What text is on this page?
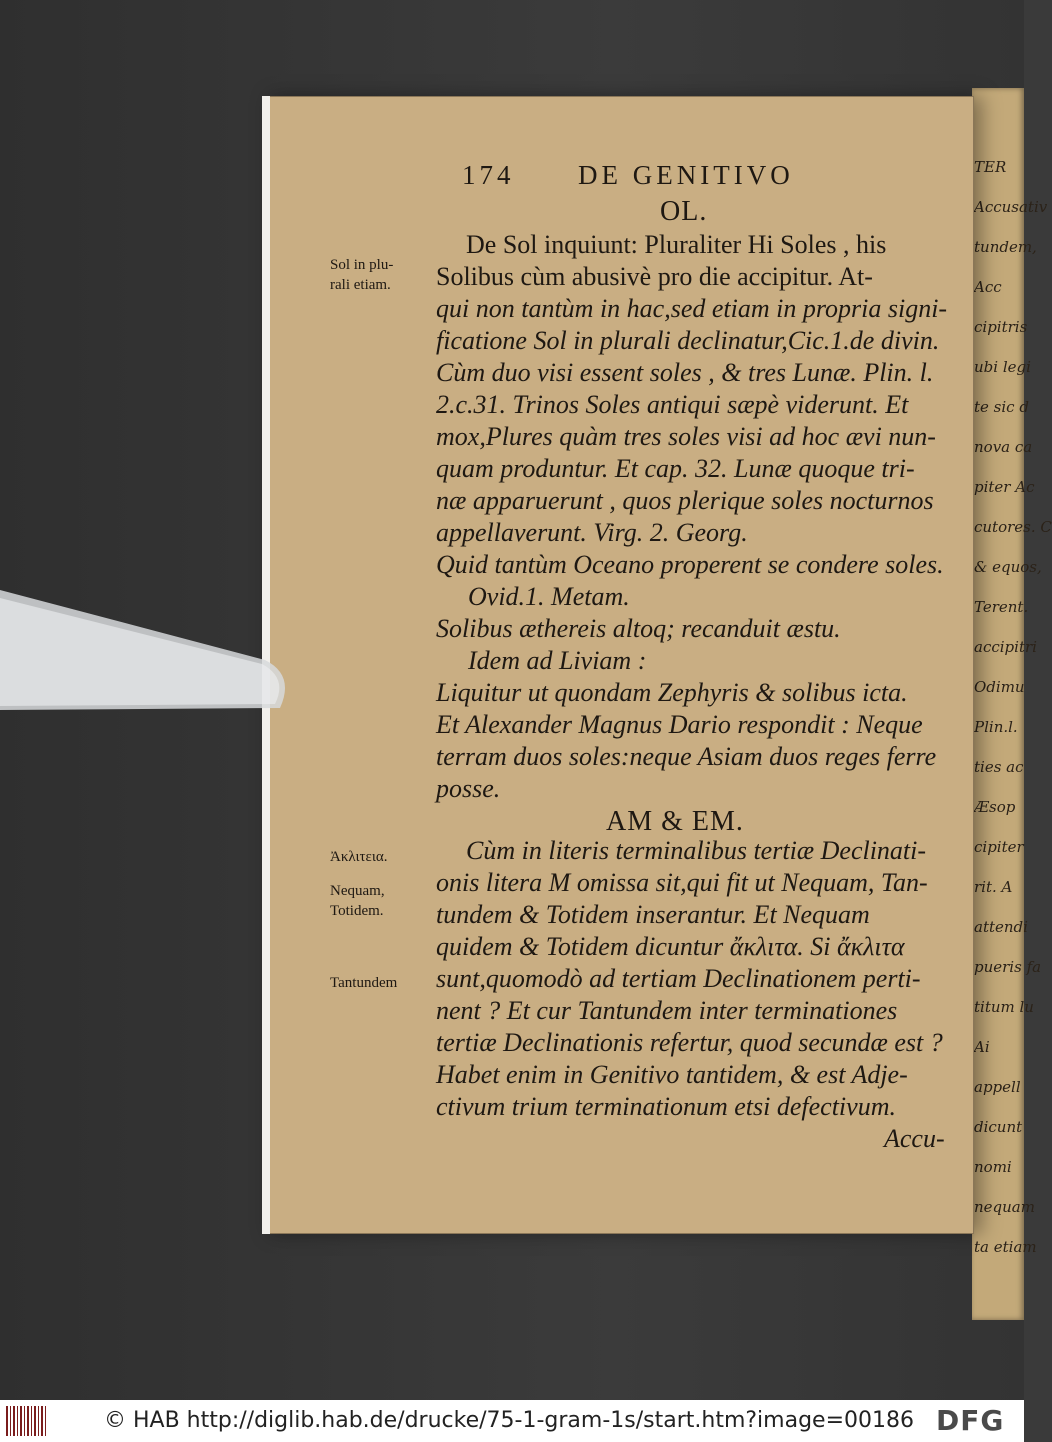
TER
Accusativ
tundem,
Acc
cipitris
ubi legi
te sic d
nova ca
piter Ac
cutores. C
& equos,
Terent.
accipitri
Odimu
Plin.l.
ties ac
Æsop
cipiter
rit. A
attendi
pueris fa
titum lu
Ai
appell
dicunt
nomi
nequam
ta etiam
174 DE GENITIVO
OL.
AM & EM.
Sol in plu-
rali etiam.
Ἀκλιτεια.
Nequam,
Totidem.
Tantundem
De Sol inquiunt: Pluraliter Hi Soles , his
Solibus cùm abusivè pro die accipitur. At-
qui non tantùm in hac,sed etiam in propria signi-
ficatione Sol in plurali declinatur,Cic.1.de divin.
Cùm duo visi essent soles , & tres Lunæ. Plin. l.
2.c.31. Trinos Soles antiqui sæpè viderunt. Et
mox,Plures quàm tres soles visi ad hoc ævi nun-
quam produntur. Et cap. 32. Lunæ quoque tri-
næ apparuerunt , quos plerique soles nocturnos
appellaverunt. Virg. 2. Georg.
Quid tantùm Oceano properent se condere soles.
Ovid.1. Metam.
Solibus æthereis altoq; recanduit æstu.
Idem ad Liviam :
Liquitur ut quondam Zephyris & solibus icta.
Et Alexander Magnus Dario respondit : Neque
terram duos soles:neque Asiam duos reges ferre
posse.
Cùm in literis terminalibus tertiæ Declinati-
onis litera M omissa sit,qui fit ut Nequam, Tan-
tundem & Totidem inserantur. Et Nequam
quidem & Totidem dicuntur ἄκλιτα. Si ἄκλιτα
sunt,quomodò ad tertiam Declinationem perti-
nent ? Et cur Tantundem inter terminationes
tertiæ Declinationis refertur, quod secundæ est ?
Habet enim in Genitivo tantidem, & est Adje-
ctivum trium terminationum etsi defectivum.
Accu-
© HAB http://diglib.hab.de/drucke/75-1-gram-1s/start.htm?image=00186 DFG
